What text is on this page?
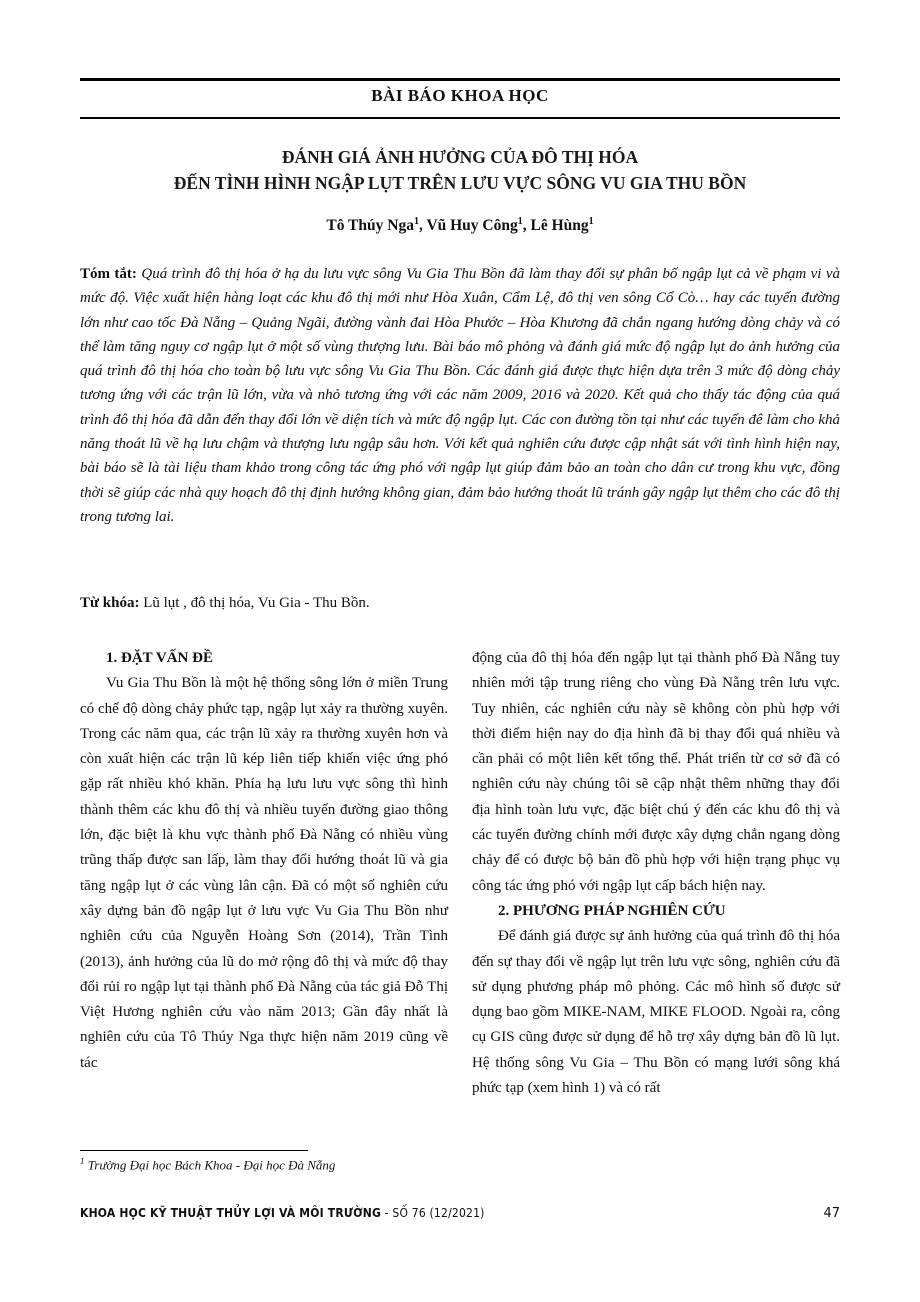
BÀI BÁO KHOA HỌC
ĐÁNH GIÁ ẢNH HƯỞNG CỦA ĐÔ THỊ HÓA
ĐẾN TÌNH HÌNH NGẬP LỤT TRÊN LƯU VỰC SÔNG VU GIA THU BỒN
Tô Thúy Nga$^1$, Vũ Huy Công$^1$, Lê Hùng$^1$
Tóm tắt: Quá trình đô thị hóa ở hạ du lưu vực sông Vu Gia Thu Bồn đã làm thay đổi sự phân bố ngập lụt cả về phạm vi và mức độ. Việc xuất hiện hàng loạt các khu đô thị mới như Hòa Xuân, Cẩm Lệ, đô thị ven sông Cổ Cò… hay các tuyến đường lớn như cao tốc Đà Nẵng – Quảng Ngãi, đường vành đai Hòa Phước – Hòa Khương đã chắn ngang hướng dòng chảy và có thể làm tăng nguy cơ ngập lụt ở một số vùng thượng lưu. Bài báo mô phỏng và đánh giá mức độ ngập lụt do ảnh hưởng của quá trình đô thị hóa cho toàn bộ lưu vực sông Vu Gia Thu Bồn. Các đánh giá được thực hiện dựa trên 3 mức độ dòng chảy tương ứng với các trận lũ lớn, vừa và nhỏ tương ứng với các năm 2009, 2016 và 2020. Kết quả cho thấy tác động của quá trình đô thị hóa đã dẫn đến thay đổi lớn về diện tích và mức độ ngập lụt. Các con đường tồn tại như các tuyến đê làm cho khả năng thoát lũ về hạ lưu chậm và thượng lưu ngập sâu hơn. Với kết quả nghiên cứu được cập nhật sát với tình hình hiện nay, bài báo sẽ là tài liệu tham khảo trong công tác ứng phó với ngập lụt giúp đảm bảo an toàn cho dân cư trong khu vực, đồng thời sẽ giúp các nhà quy hoạch đô thị định hướng không gian, đảm bảo hướng thoát lũ tránh gây ngập lụt thêm cho các đô thị trong tương lai.
Từ khóa: Lũ lụt , đô thị hóa, Vu Gia - Thu Bồn.
1. ĐẶT VẤN ĐỀ

Vu Gia Thu Bồn là một hệ thống sông lớn ở miền Trung có chế độ dòng chảy phức tạp, ngập lụt xảy ra thường xuyên. Trong các năm qua, các trận lũ xảy ra thường xuyên hơn và còn xuất hiện các trận lũ kép liên tiếp khiến việc ứng phó gặp rất nhiều khó khăn. Phía hạ lưu lưu vực sông thì hình thành thêm các khu đô thị và nhiều tuyến đường giao thông lớn, đặc biệt là khu vực thành phố Đà Nẵng có nhiều vùng trũng thấp được san lấp, làm thay đổi hướng thoát lũ và gia tăng ngập lụt ở các vùng lân cận. Đã có một số nghiên cứu xây dựng bản đồ ngập lụt ở lưu vực Vu Gia Thu Bồn như nghiên cứu của Nguyễn Hoàng Sơn (2014), Trần Tình (2013), ảnh hưởng của lũ do mở rộng đô thị và mức độ thay đổi rủi ro ngập lụt tại thành phố Đà Nẵng của tác giả Đỗ Thị Việt Hương nghiên cứu vào năm 2013; Gần đây nhất là nghiên cứu của Tô Thúy Nga thực hiện năm 2019 cũng về tác

động của đô thị hóa đến ngập lụt tại thành phố Đà Nẵng tuy nhiên mới tập trung riêng cho vùng Đà Nẵng trên lưu vực. Tuy nhiên, các nghiên cứu này sẽ không còn phù hợp với thời điểm hiện nay do địa hình đã bị thay đổi quá nhiều và cần phải có một liên kết tổng thể. Phát triển từ cơ sở đã có nghiên cứu này chúng tôi sẽ cập nhật thêm những thay đổi địa hình toàn lưu vực, đặc biệt chú ý đến các khu đô thị và các tuyến đường chính mới được xây dựng chắn ngang dòng chảy để có được bộ bản đồ phù hợp với hiện trạng phục vụ công tác ứng phó với ngập lụt cấp bách hiện nay.

2. PHƯƠNG PHÁP NGHIÊN CỨU

Để đánh giá được sự ảnh hưởng của quá trình đô thị hóa đến sự thay đổi về ngập lụt trên lưu vực sông, nghiên cứu đã sử dụng phương pháp mô phỏng. Các mô hình số được sử dụng bao gồm MIKE-NAM, MIKE FLOOD. Ngoài ra, công cụ GIS cũng được sử dụng để hỗ trợ xây dựng bản đồ lũ lụt. Hệ thống sông Vu Gia – Thu Bồn có mạng lưới sông khá phức tạp (xem hình 1) và có rất

$^1$ Trường Đại học Bách Khoa - Đại học Đà Nẵng
KHOA HỌC KỸ THUẬT THỦY LỢI VÀ MÔI TRƯỜNG - SỐ 76 (12/2021)	47
